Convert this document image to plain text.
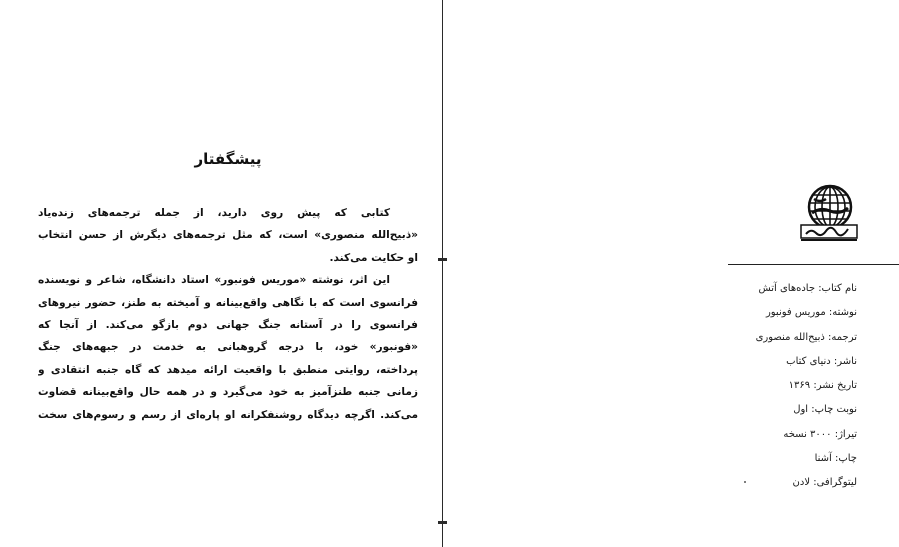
پیشگفتار
کتابی که پیش روی دارید، از جمله ترجمه‌های زنده‌یاد
«ذبیح‌الله منصوری» است، که مثل ترجمه‌های دیگرش از حسن انتخاب
او حکایت می‌کند.
این اثر، نوشته «موریس فونبور» استاد دانشگاه، شاعر و نویسنده
فرانسوی است که با نگاهی واقع‌بینانه و آمیخته به طنز، حضور نیروهای
فرانسوی را در آستانه جنگ جهانی دوم بازگو می‌کند. از آنجا که
«فونبور» خود، با درجه گروهبانی به خدمت در جبهه‌های جنگ
پرداخته، روایتی منطبق با واقعیت ارائه میدهد که گاه جنبه انتقادی و
زمانی جنبه طنزآمیز به خود می‌گیرد و در همه حال واقع‌بینانه قضاوت
می‌کند. اگرچه دیدگاه روشنفکرانه او پاره‌ای از رسم و رسوم‌های سخت
نام کتاب: جاده‌های آتش
نوشته: موریس فونبور
ترجمه: ذبیح‌الله منصوری
ناشر: دنیای کتاب
تاریخ نشر: ۱۳۶۹
نوبت چاپ: اول
تیراژ: ۳۰۰۰ نسخه
چاپ: آشنا
لیتوگرافی: لادن
